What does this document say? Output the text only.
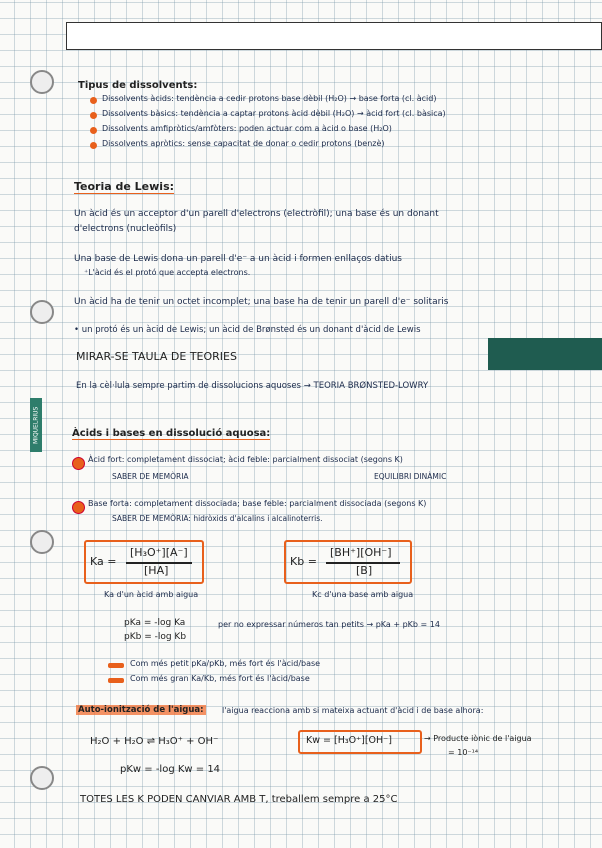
MIQUELRIUS
Tipus de dissolvents:
Dissolvents àcids: tendència a cedir protons base dèbil (H₂O) → base forta (cl. àcid)
Dissolvents bàsics: tendència a captar protons àcid dèbil (H₂O) → àcid fort (cl. bàsica)
Dissolvents amfipròtics/amfòters: poden actuar com a àcid o base (H₂O)
Dissolvents apròtics: sense capacitat de donar o cedir protons (benzè)
Teoria de Lewis:
Un àcid és un acceptor d'un parell d'electrons (electròfil); una base és un donant
d'electrons (nucleòfils)
Una base de Lewis dona un parell d'e⁻ a un àcid i formen enllaços datius
⁺L'àcid és el protó que accepta electrons.
Un àcid ha de tenir un octet incomplet; una base ha de tenir un parell d'e⁻ solitaris
• un protó és un àcid de Lewis; un àcid de Brønsted és un donant d'àcid de Lewis
MIRAR-SE TAULA DE TEORIES
En la cèl·lula sempre partim de dissolucions aquoses → TEORIA BRØNSTED-LOWRY
Àcids i bases en dissolució aquosa:
Àcid fort: completament dissociat; àcid feble: parcialment dissociat (segons K)
SABER DE MEMÒRIA	EQUILIBRI DINÀMIC
Base forta: completament dissociada; base feble: parcialment dissociada (segons K)
SABER DE MEMÒRIA: hidròxids d'alcalins i alcalinoterris.
Ka =
[H₃O⁺][A⁻]
[HA]
Kb =
[BH⁺][OH⁻]
[B]
Ka d'un àcid amb aigua	Kc d'una base amb aigua
pKa = -log Ka
pKb = -log Kb
per no expressar números tan petits → pKa + pKb = 14
Com més petit pKa/pKb, més fort és l'àcid/base
Com més gran Ka/Kb, més fort és l'àcid/base
Auto-ionització de l'aigua: l'aigua reacciona amb si mateixa actuant d'àcid i de base alhora:
H₂O + H₂O ⇌ H₃O⁺ + OH⁻	Kw = [H₃O⁺][OH⁻]	→ Producte iònic de l'aigua
= 10⁻¹⁴
pKw = -log Kw = 14
TOTES LES K PODEN CANVIAR AMB T, treballem sempre a 25°C
